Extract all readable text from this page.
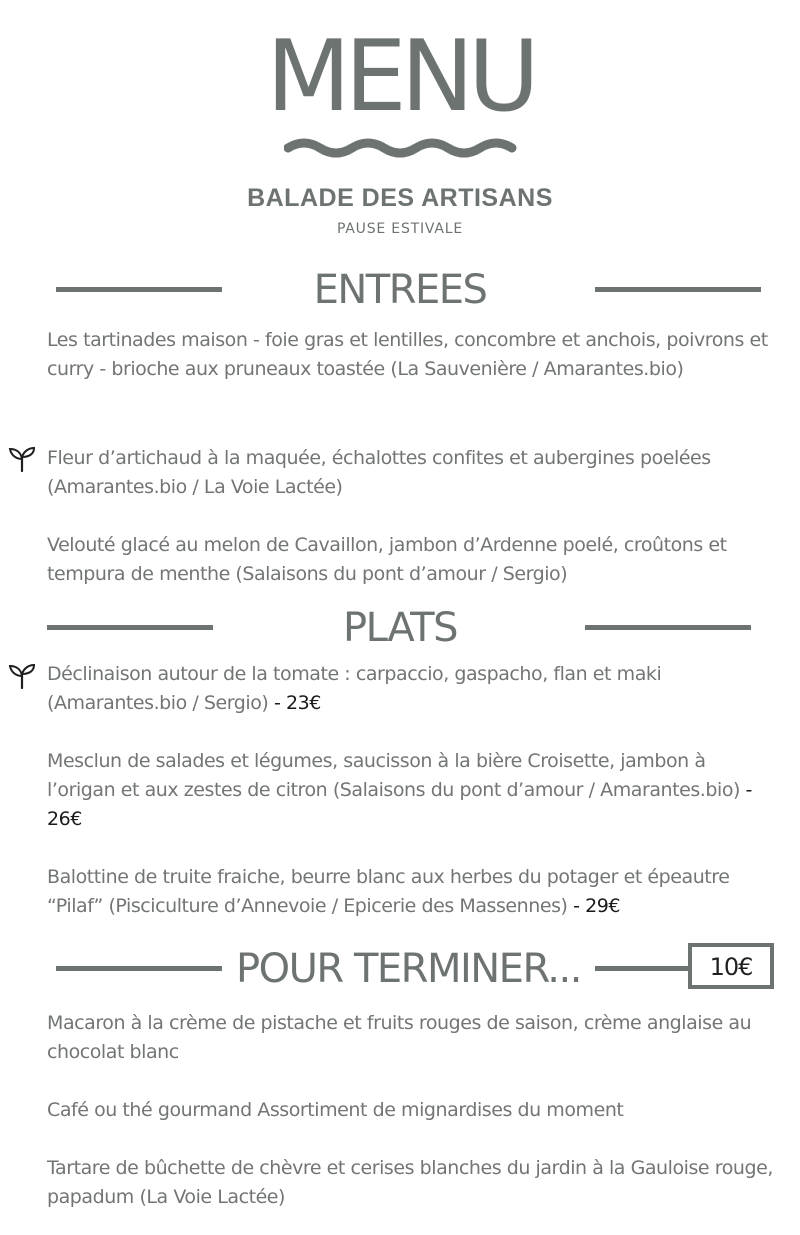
MENU
BALADE DES ARTISANS
PAUSE ESTIVALE
ENTREES
Les tartinades maison - foie gras et lentilles, concombre et anchois, poivrons et curry - brioche aux pruneaux toastée (La Sauvenière / Amarantes.bio)
Fleur d’artichaud à la maquée, échalottes confites et aubergines poelées (Amarantes.bio / La Voie Lactée)
Velouté glacé au melon de Cavaillon, jambon d’Ardenne poelé, croûtons et tempura de menthe (Salaisons du pont d’amour / Sergio)
PLATS
Déclinaison autour de la tomate : carpaccio, gaspacho, flan et maki (Amarantes.bio / Sergio) - 23€
Mesclun de salades et légumes, saucisson à la bière Croisette, jambon à l’origan et aux zestes de citron (Salaisons du pont d’amour / Amarantes.bio) - 26€
Balottine de truite fraiche, beurre blanc aux herbes du potager et épeautre “Pilaf” (Pisciculture d’Annevoie / Epicerie des Massennes) - 29€
POUR TERMINER...	10€
Macaron à la crème de pistache et fruits rouges de saison, crème anglaise au chocolat blanc
Café ou thé gourmand Assortiment de mignardises du moment
Tartare de bûchette de chèvre et cerises blanches du jardin à la Gauloise rouge, papadum (La Voie Lactée)
